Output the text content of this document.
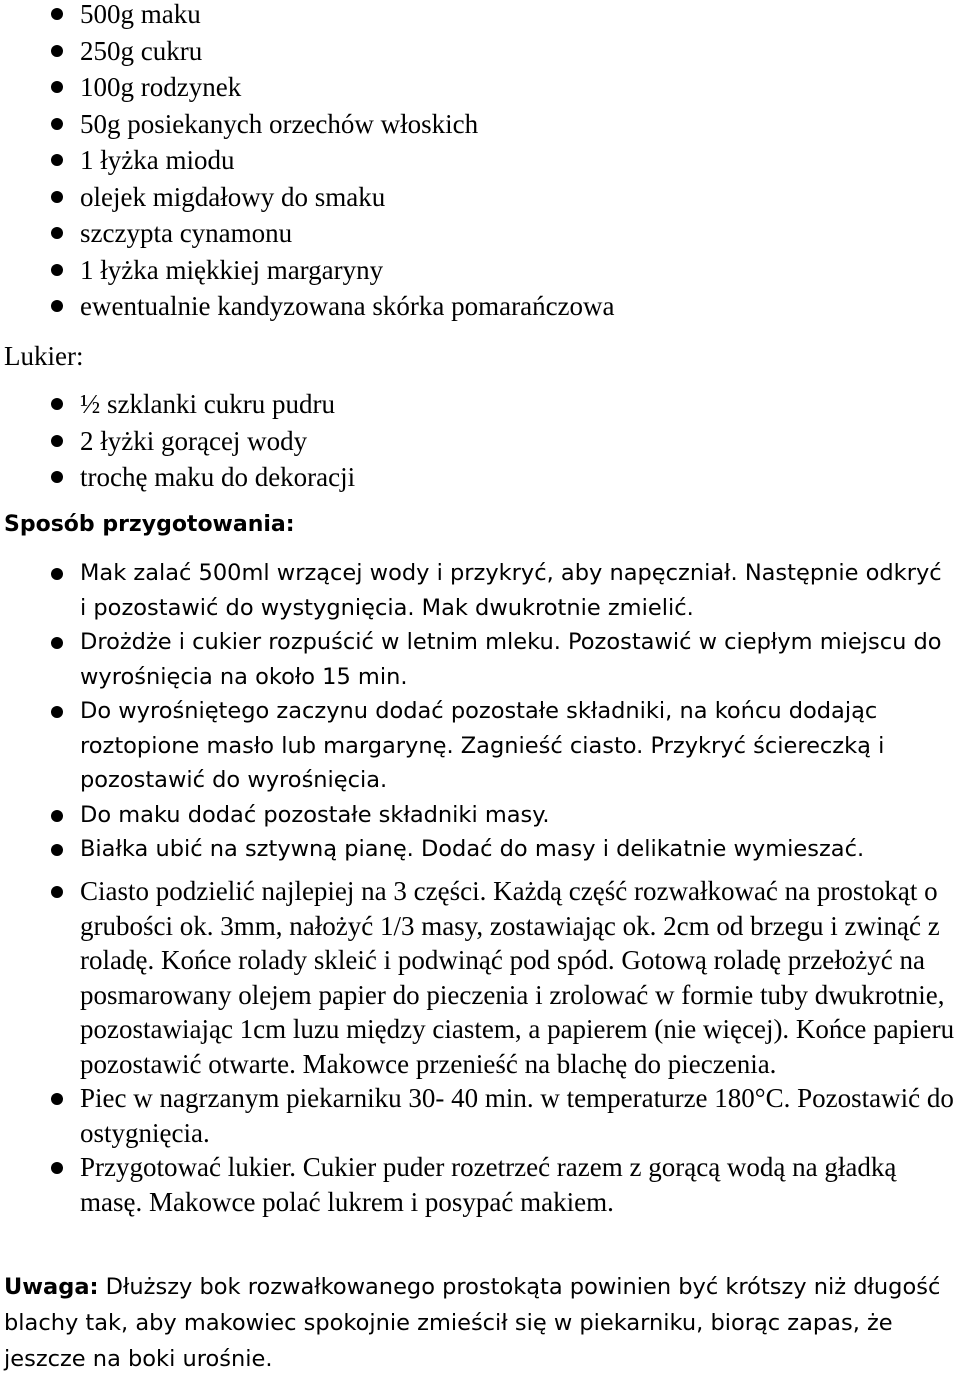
500g maku
250g cukru
100g rodzynek
50g posiekanych orzechów włoskich
1 łyżka miodu
olejek migdałowy do smaku
szczypta cynamonu
1 łyżka miękkiej margaryny
ewentualnie kandyzowana skórka pomarańczowa

Lukier:

½ szklanki cukru pudru
2 łyżki gorącej wody
trochę maku do dekoracji

Sposób przygotowania:

Mak zalać 500ml wrzącej wody i przykryć, aby napęczniał. Następnie odkryć i pozostawić do wystygnięcia. Mak dwukrotnie zmielić.
Drożdże i cukier rozpuścić w letnim mleku. Pozostawić w ciepłym miejscu do wyrośnięcia na około 15 min.
Do wyrośniętego zaczynu dodać pozostałe składniki, na końcu dodając roztopione masło lub margarynę. Zagnieść ciasto. Przykryć ściereczką i pozostawić do wyrośnięcia.
Do maku dodać pozostałe składniki masy.
Białka ubić na sztywną pianę. Dodać do masy i delikatnie wymieszać.
Ciasto podzielić najlepiej na 3 części. Każdą część rozwałkować na prostokąt o grubości ok. 3mm, nałożyć 1/3 masy, zostawiając ok. 2cm od brzegu i zwinąć z roladę. Końce rolady skleić i podwinąć pod spód. Gotową roladę przełożyć na posmarowany olejem papier do pieczenia i zrolować w formie tuby dwukrotnie, pozostawiając 1cm luzu między ciastem, a papierem (nie więcej). Końce papieru pozostawić otwarte. Makowce przenieść na blachę do pieczenia.
Piec w nagrzanym piekarniku 30- 40 min. w temperaturze 180°C. Pozostawić do ostygnięcia.
Przygotować lukier. Cukier puder rozetrzeć razem z gorącą wodą na gładką masę. Makowce polać lukrem i posypać makiem.

Uwaga: Dłuższy bok rozwałkowanego prostokąta powinien być krótszy niż długość blachy tak, aby makowiec spokojnie zmieścił się w piekarniku, biorąc zapas, że jeszcze na boki urośnie.
